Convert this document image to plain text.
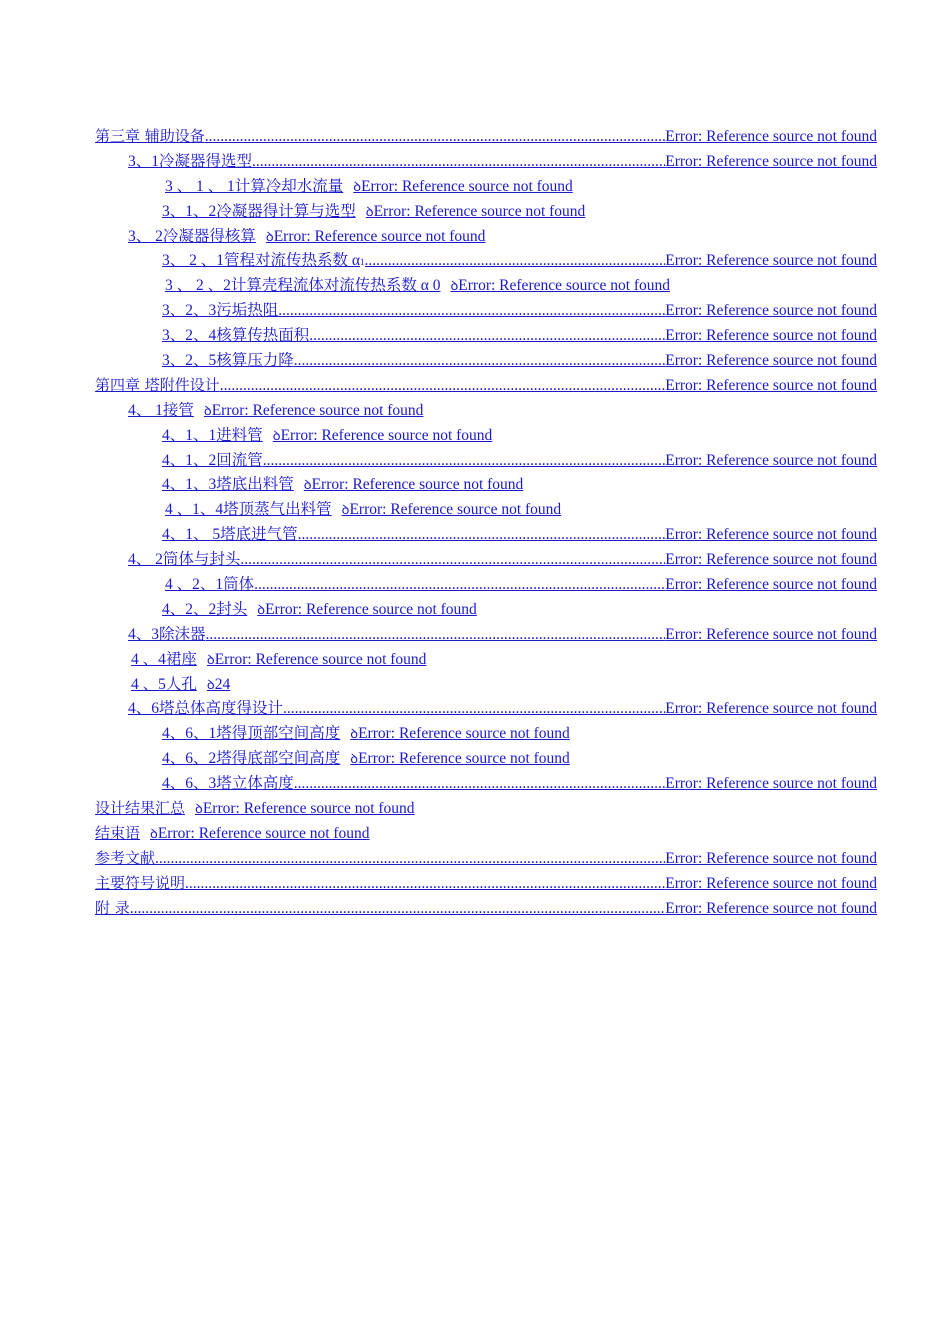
第三章 辅助设备 .....	Error: Reference source not found
3、1冷凝器得选型 .....	Error: Reference source not found
3 、 1 、 1计算冷却水流量 ꝺError: Reference source not found
3、1、2冷凝器得计算与选型 ꝺError: Reference source not found
3、 2冷凝器得核算 ꝺError: Reference source not found
3、 2 、1管程对流传热系数 α 1 .....	Error: Reference source not found
3 、 2 、2计算壳程流体对流传热系数 α 0 ꝺError: Reference source not found
3、2、3污垢热阻 .....	Error: Reference source not found
3、2、4核算传热面积 .....	Error: Reference source not found
3、2、5核算压力降 .....	Error: Reference source not found
第四章 塔附件设计 .....	Error: Reference source not found
4、 1接管 ꝺError: Reference source not found
4、1、1进料管 ꝺError: Reference source not found
4、1、2回流管 .....	Error: Reference source not found
4、1、3塔底出料管 ꝺError: Reference source not found
4 、1、4塔顶蒸气出料管 ꝺError: Reference source not found
4、1、 5塔底进气管 .....	Error: Reference source not found
4、 2筒体与封头 .....	Error: Reference source not found
4 、2、1筒体 .....	Error: Reference source not found
4、2、2封头 ꝺError: Reference source not found
4、3除沫器 .....	Error: Reference source not found
4 、4裙座 ꝺError: Reference source not found
4 、5人孔 ꝺ24
4、6塔总体高度得设计 .....	Error: Reference source not found
4、6、1塔得顶部空间高度 ꝺError: Reference source not found
4、6、2塔得底部空间高度 ꝺError: Reference source not found
4、6、3塔立体高度 .....	Error: Reference source not found
设计结果汇总 ꝺError: Reference source not found
结束语 ꝺError: Reference source not found
参考文献 .....	Error: Reference source not found
主要符号说明 .....	Error: Reference source not found
附 录 .....	Error: Reference source not found
